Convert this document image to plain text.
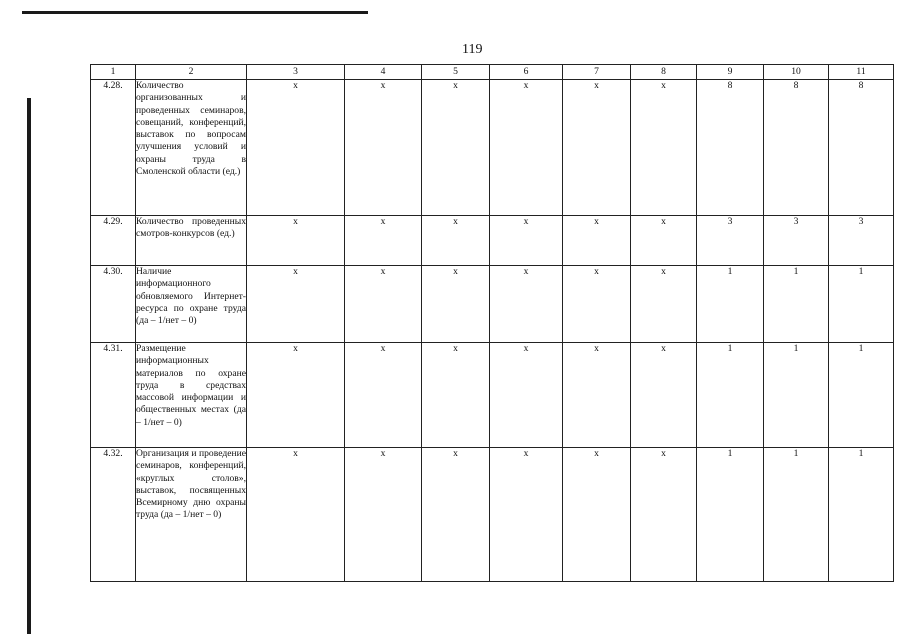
119
1	2	3	4	5	6	7	8	9	10	11
4.28.	Количество организованных и проведенных семинаров, совещаний, конференций, выставок по вопросам улучшения условий и охраны труда в Смоленской области (ед.)	x	x	x	x	x	x	8	8	8
4.29.	Количество проведенных смотров-конкурсов (ед.)	x	x	x	x	x	x	3	3	3
4.30.	Наличие информационного обновляемого Интернет-ресурса по охране труда (да – 1/нет – 0)	x	x	x	x	x	x	1	1	1
4.31.	Размещение информационных материалов по охране труда в средствах массовой информации и общественных местах (да – 1/нет – 0)	x	x	x	x	x	x	1	1	1
4.32.	Организация и проведение семинаров, конференций, «круглых столов», выставок, посвященных Всемирному дню охраны труда (да – 1/нет – 0)	x	x	x	x	x	x	1	1	1
